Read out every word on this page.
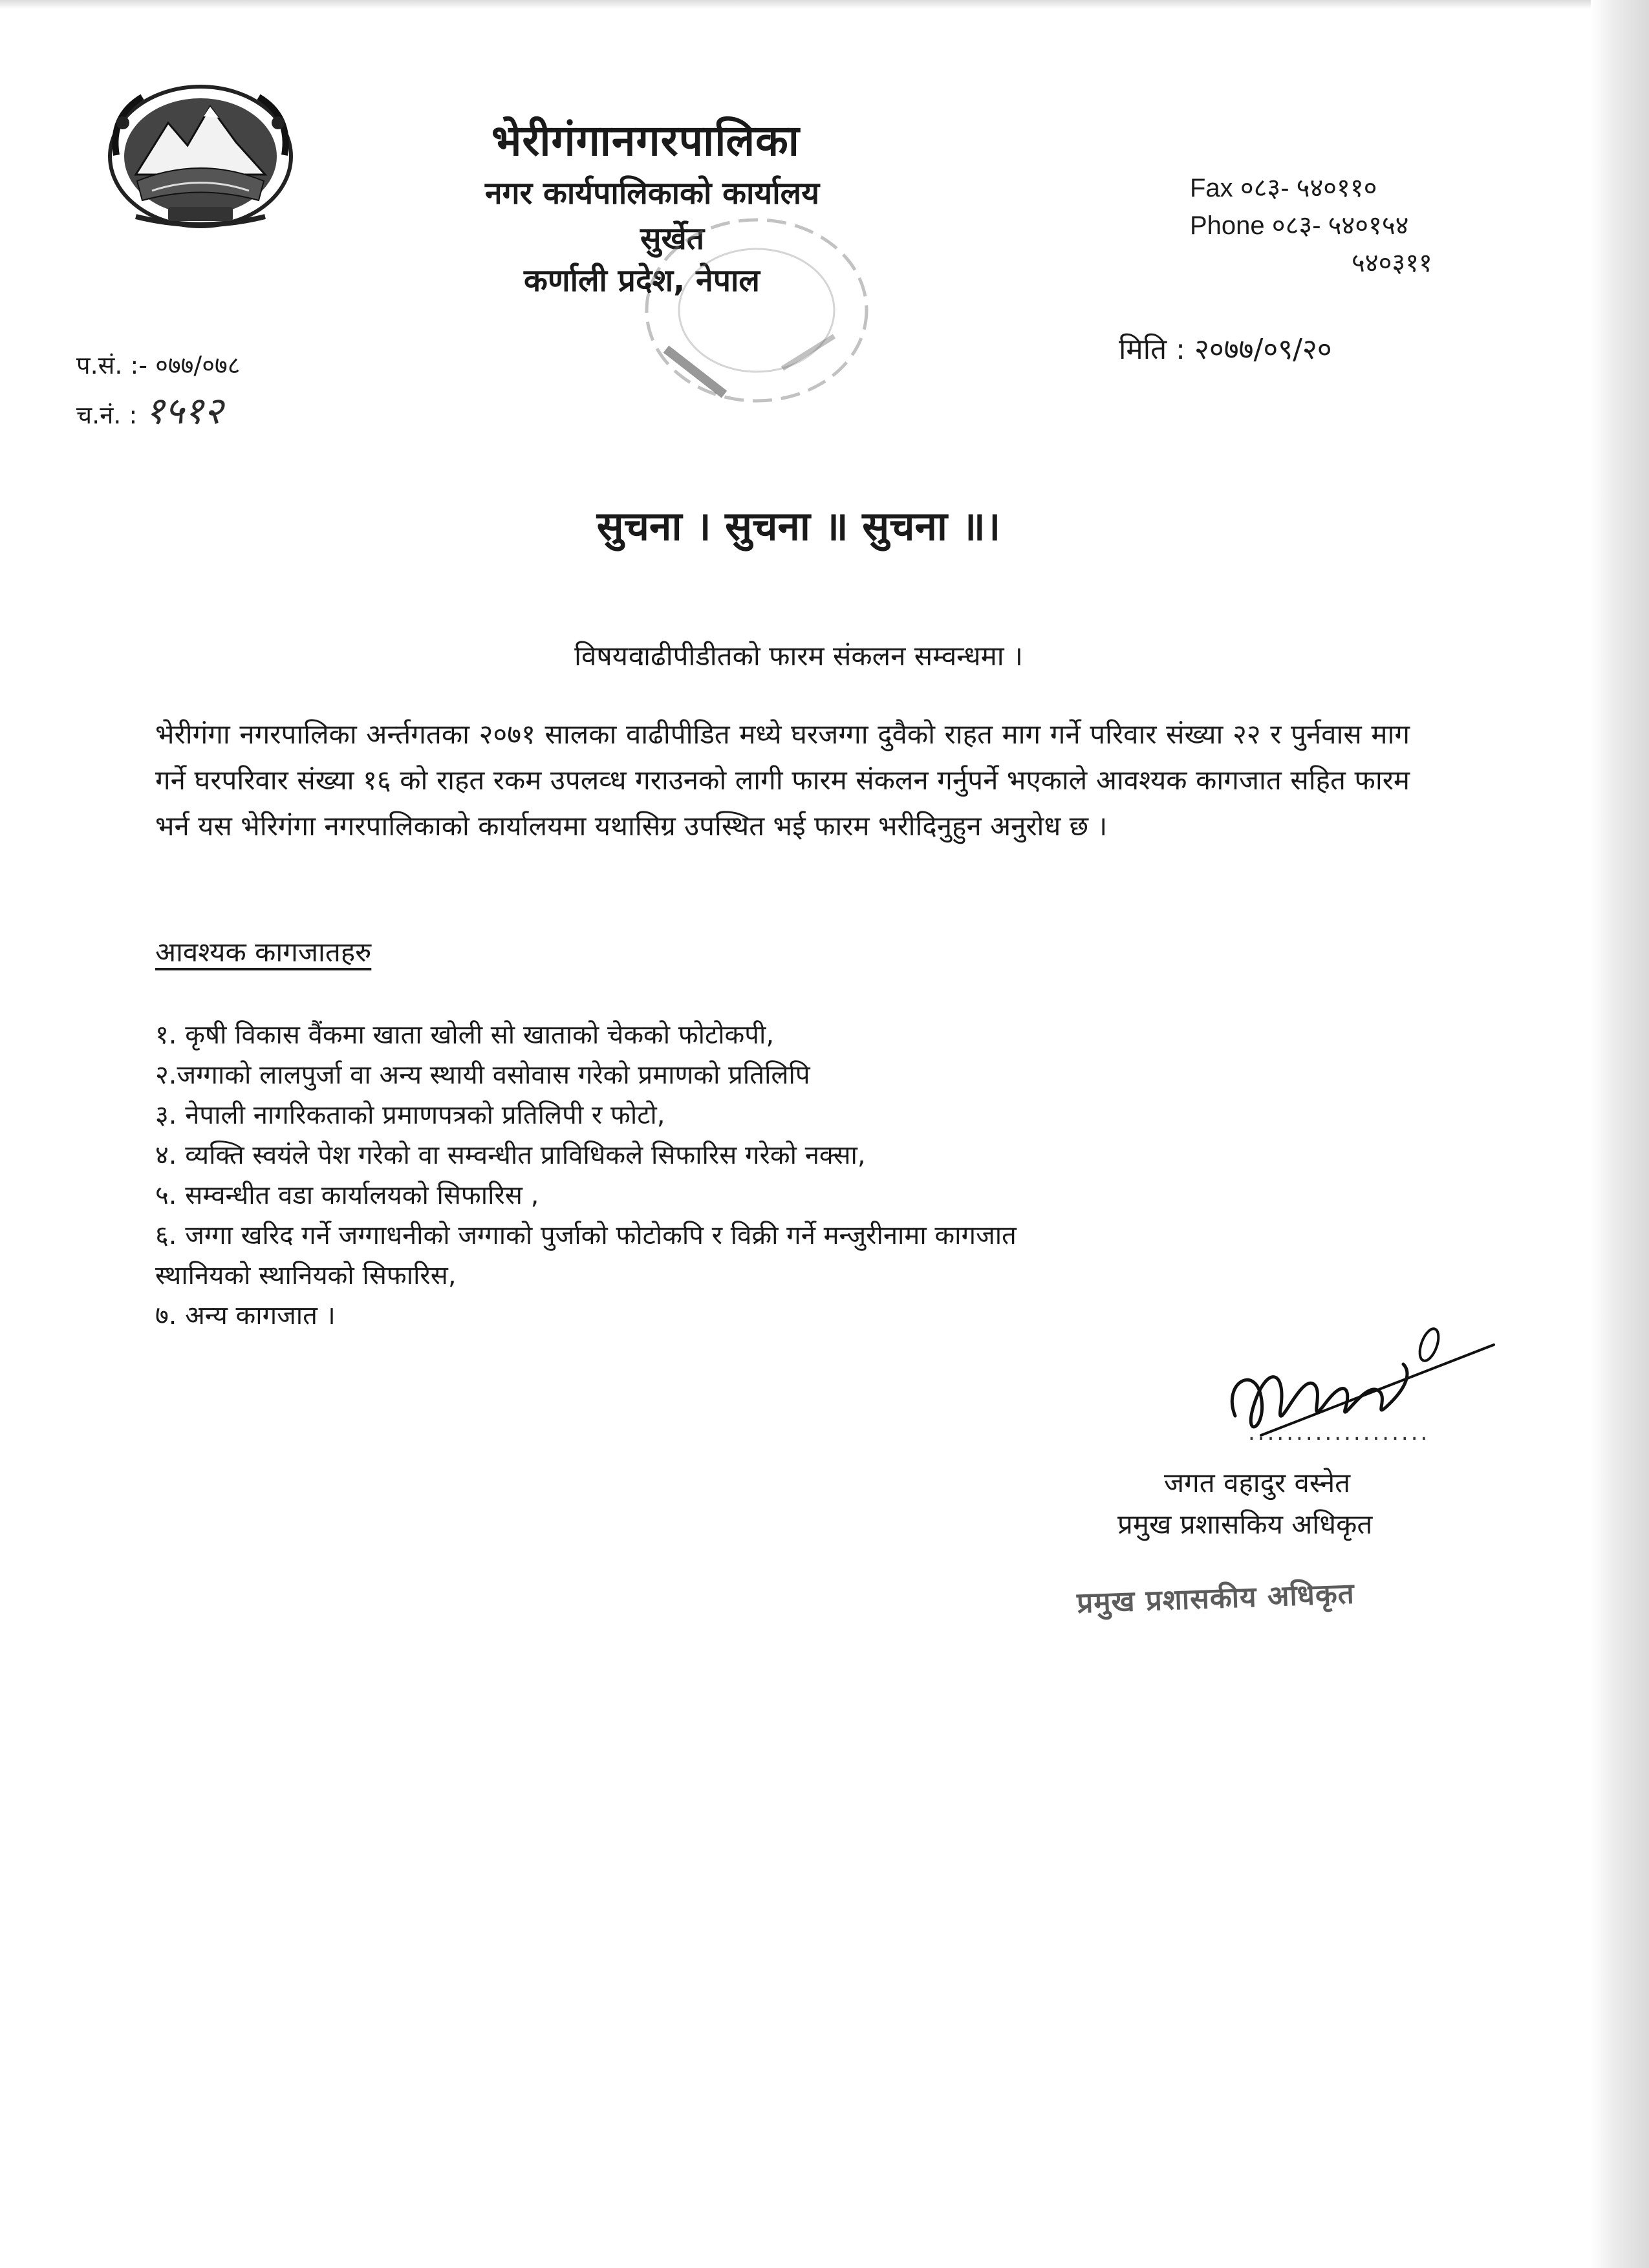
भेरीगंगानगरपालिका
नगर कार्यपालिकाको कार्यालय
सुर्खेत
कर्णाली प्रदेश, नेपाल
Fax ०८३- ५४०११०
Phone ०८३- ५४०१५४
५४०३११
मिति : २०७७/०९/२०
प.सं. :- ०७७/०७८
च.नं. : १५१२
सुचना । सुचना ॥ सुचना ॥।
विषय : वाढीपीडीतको फारम संकलन सम्वन्धमा ।
भेरीगंगा नगरपालिका अर्न्तगतका २०७१ सालका वाढीपीडित मध्ये घरजग्गा दुवैको राहत माग गर्ने परिवार संख्या २२ र पुर्नवास माग गर्ने घरपरिवार संख्या १६ को राहत रकम उपलव्ध गराउनको लागी फारम संकलन गर्नुपर्ने भएकाले आवश्यक कागजात सहित फारम भर्न यस भेरिगंगा नगरपालिकाको कार्यालयमा यथासिग्र उपस्थित भई फारम भरीदिनुहुन अनुरोध छ ।
आवश्यक कागजातहरु
१. कृषी विकास वैंकमा खाता खोली सो खाताको चेकको फोटोकपी,
२.जग्गाको लालपुर्जा वा अन्य स्थायी वसोवास गरेको प्रमाणको प्रतिलिपि
३. नेपाली नागरिकताको प्रमाणपत्रको प्रतिलिपी र फोटो,
४. व्यक्ति स्वयंले पेश गरेको वा सम्वन्धीत प्राविधिकले सिफारिस गरेको नक्सा,
५. सम्वन्धीत वडा कार्यालयको सिफारिस ,
६. जग्गा खरिद गर्ने जग्गाधनीको जग्गाको पुर्जाको फोटोकपि र विक्री गर्ने मन्जुरीनामा कागजात
स्थानियको स्थानियको सिफारिस,
७. अन्य कागजात ।
...................
जगत वहादुर वस्नेत
प्रमुख प्रशासकिय अधिकृत
प्रमुख प्रशासकीय अधिकृत
